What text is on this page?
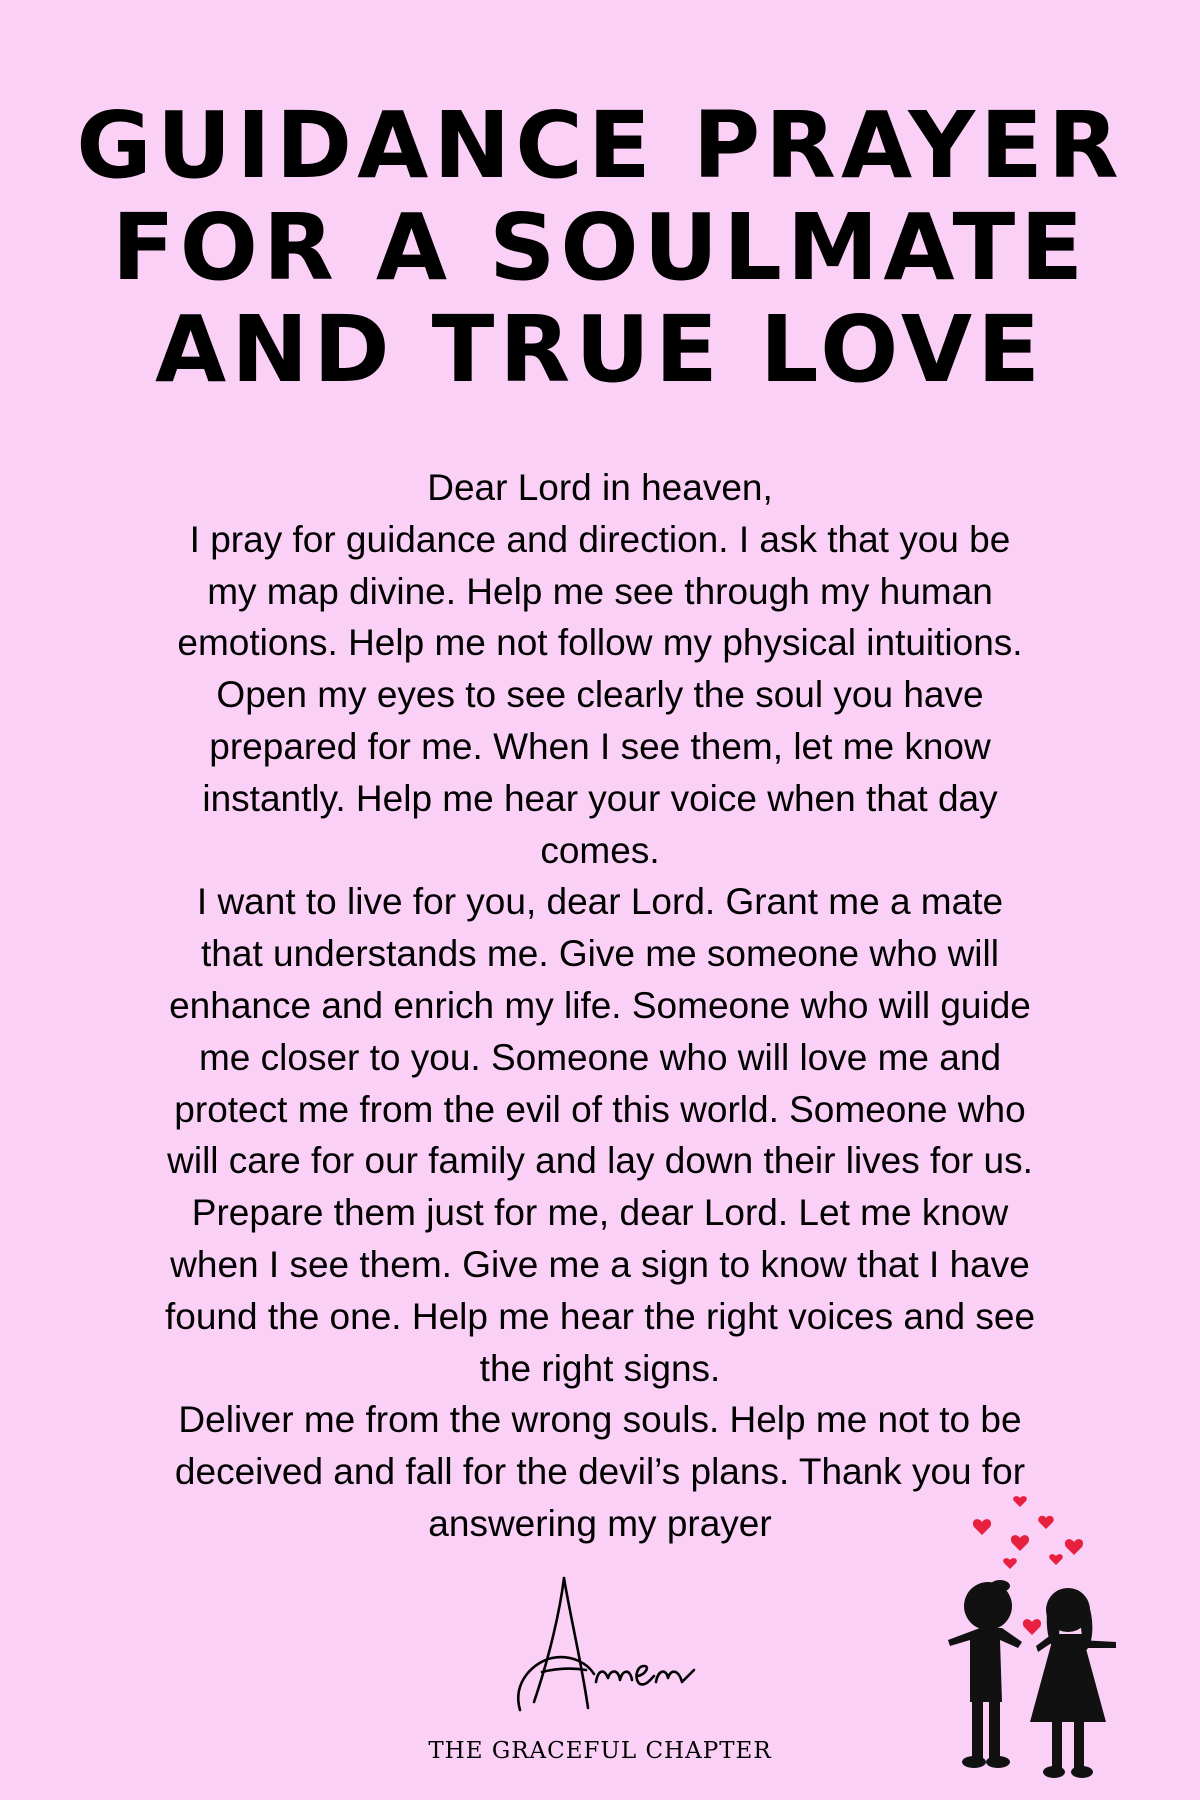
GUIDANCE PRAYER
FOR A SOULMATE
AND TRUE LOVE
Dear Lord in heaven,
I pray for guidance and direction. I ask that you be
my map divine. Help me see through my human
emotions. Help me not follow my physical intuitions.
Open my eyes to see clearly the soul you have
prepared for me. When I see them, let me know
instantly. Help me hear your voice when that day
comes.
I want to live for you, dear Lord. Grant me a mate
that understands me. Give me someone who will
enhance and enrich my life. Someone who will guide
me closer to you. Someone who will love me and
protect me from the evil of this world. Someone who
will care for our family and lay down their lives for us.
Prepare them just for me, dear Lord. Let me know
when I see them. Give me a sign to know that I have
found the one. Help me hear the right voices and see
the right signs.
Deliver me from the wrong souls. Help me not to be
deceived and fall for the devil’s plans. Thank you for
answering my prayer
THE GRACEFUL CHAPTER
